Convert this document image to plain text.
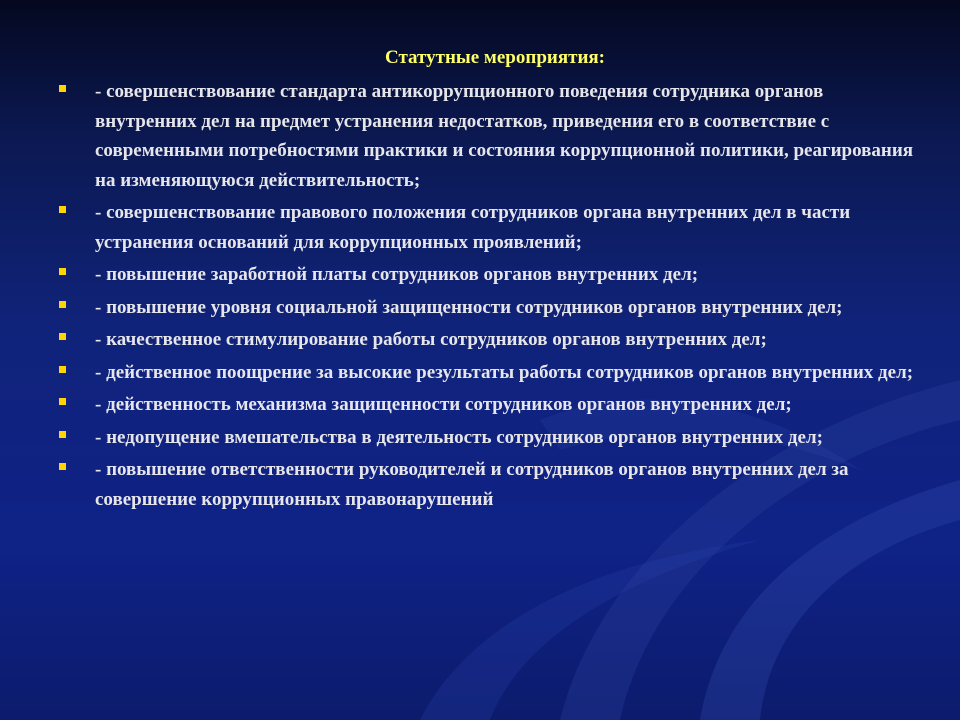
Статутные мероприятия:
- совершенствование стандарта антикоррупционного поведения сотрудника органов внутренних дел на предмет устранения недостатков, приведения его в соответствие с современными потребностями практики и состояния коррупционной политики, реагирования на изменяющуюся действительность;
- совершенствование правового положения сотрудников органа внутренних дел в части устранения оснований для коррупционных проявлений;
- повышение заработной платы сотрудников органов внутренних дел;
- повышение уровня социальной защищенности сотрудников органов внутренних дел;
- качественное стимулирование работы сотрудников органов внутренних дел;
- действенное поощрение за высокие результаты работы сотрудников органов внутренних дел;
- действенность механизма защищенности сотрудников органов внутренних дел;
- недопущение вмешательства в деятельность сотрудников органов внутренних дел;
- повышение ответственности руководителей и сотрудников органов внутренних дел за совершение коррупционных правонарушений
